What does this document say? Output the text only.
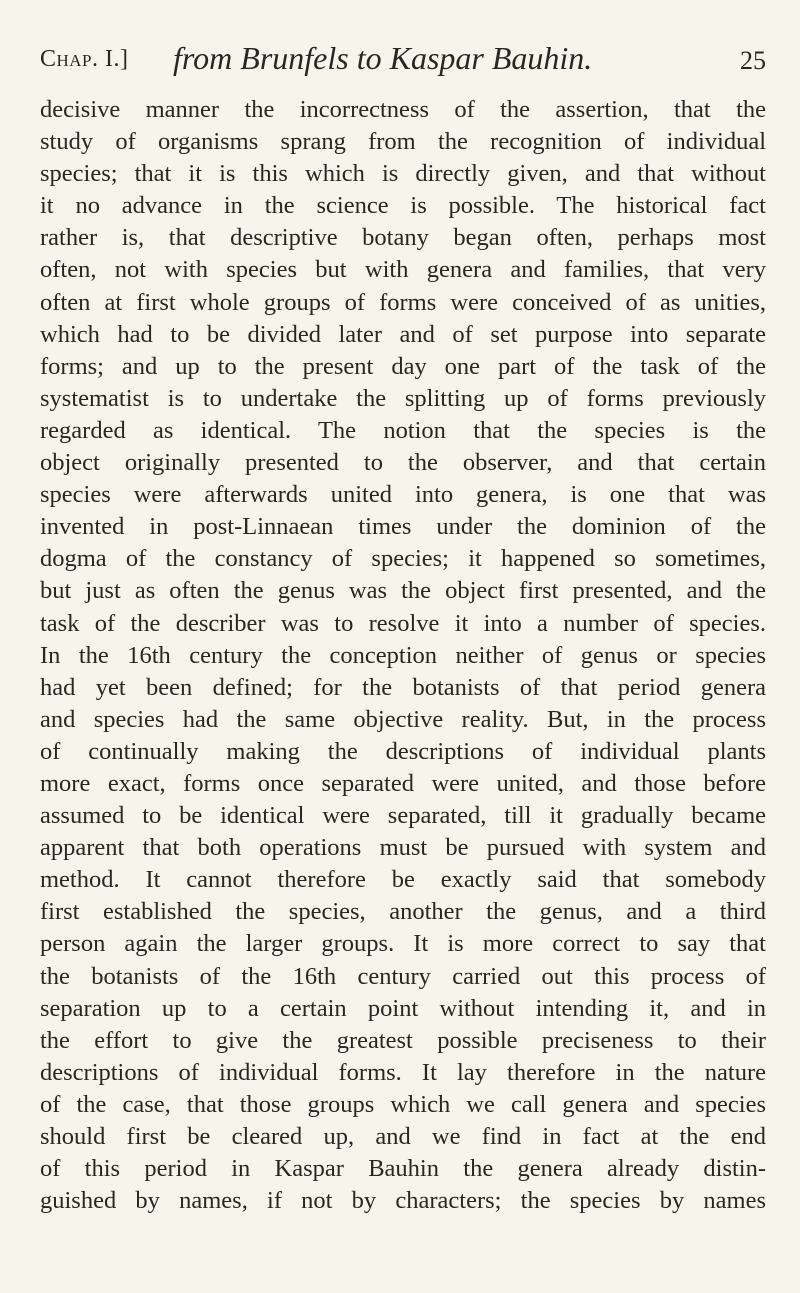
Chap. I.] from Brunfels to Kaspar Bauhin.	25
decisive manner the incorrectness of the assertion, that the
study of organisms sprang from the recognition of individual
species; that it is this which is directly given, and that without
it no advance in the science is possible. The historical fact
rather is, that descriptive botany began often, perhaps most
often, not with species but with genera and families, that very
often at first whole groups of forms were conceived of as unities,
which had to be divided later and of set purpose into separate
forms; and up to the present day one part of the task of the
systematist is to undertake the splitting up of forms previously
regarded as identical. The notion that the species is the
object originally presented to the observer, and that certain
species were afterwards united into genera, is one that was
invented in post-Linnaean times under the dominion of the
dogma of the constancy of species; it happened so sometimes,
but just as often the genus was the object first presented, and the
task of the describer was to resolve it into a number of species.
In the 16th century the conception neither of genus or species
had yet been defined; for the botanists of that period genera
and species had the same objective reality. But, in the process
of continually making the descriptions of individual plants
more exact, forms once separated were united, and those before
assumed to be identical were separated, till it gradually became
apparent that both operations must be pursued with system and
method. It cannot therefore be exactly said that somebody
first established the species, another the genus, and a third
person again the larger groups. It is more correct to say that
the botanists of the 16th century carried out this process of
separation up to a certain point without intending it, and in
the effort to give the greatest possible preciseness to their
descriptions of individual forms. It lay therefore in the nature
of the case, that those groups which we call genera and species
should first be cleared up, and we find in fact at the end
of this period in Kaspar Bauhin the genera already distin-
guished by names, if not by characters; the species by names
